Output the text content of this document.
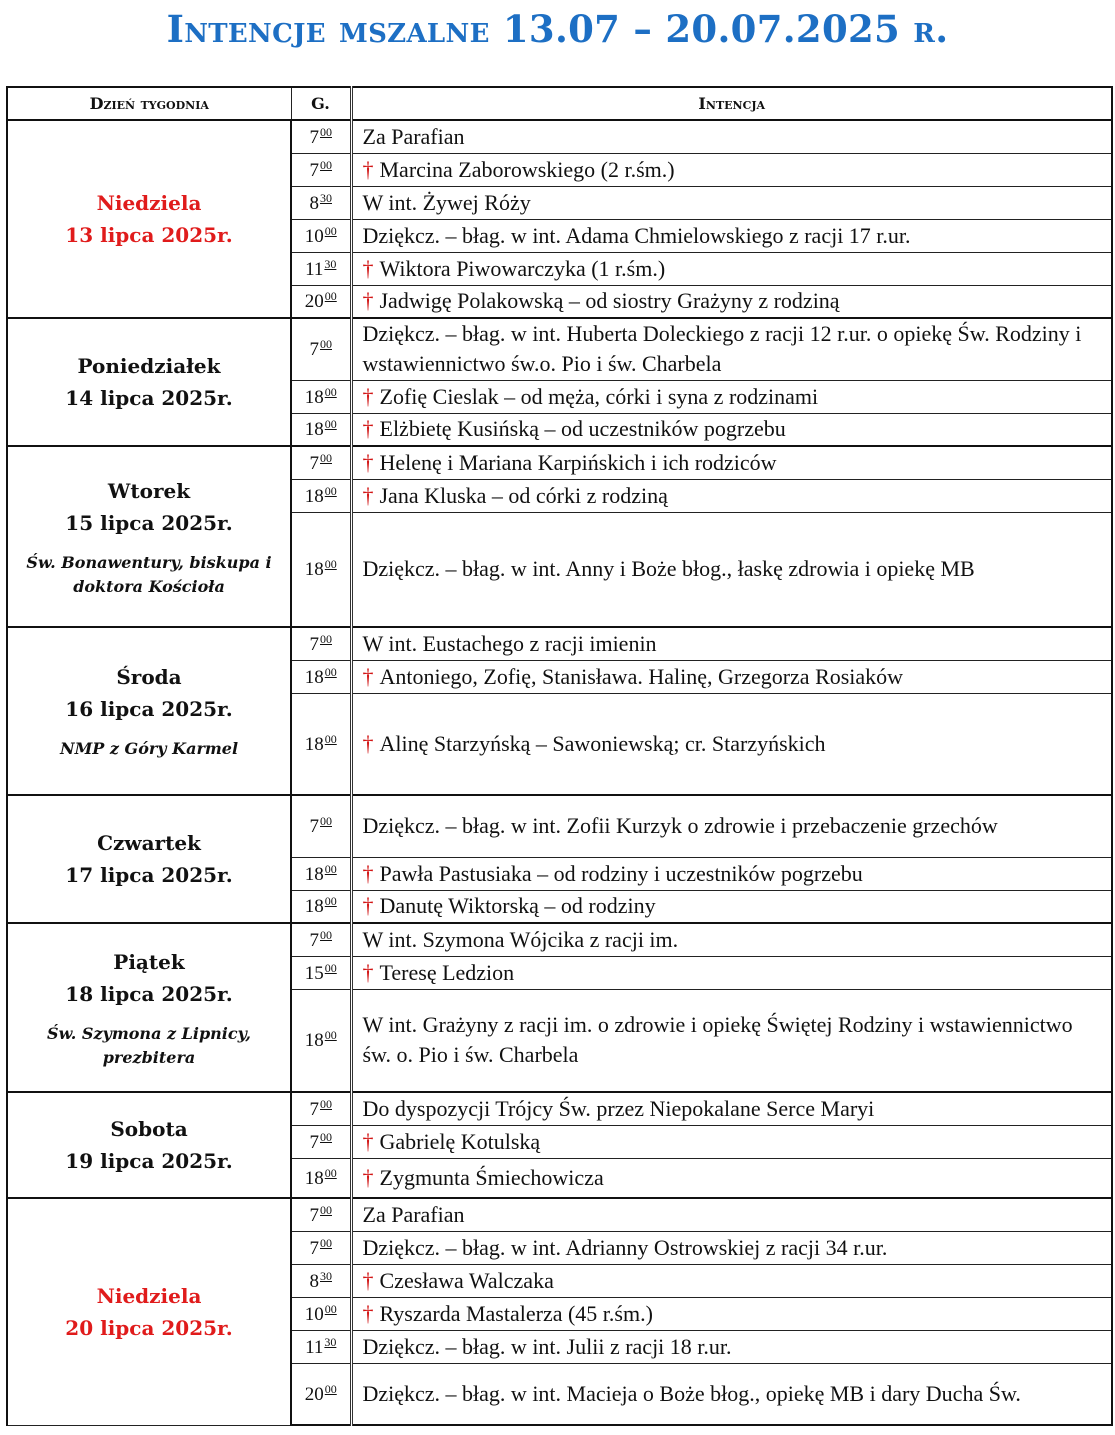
Intencje mszalne 13.07 – 20.07.2025 r.
Dzień tygodnia	G.	Intencja

Niedziela
13 lipca 2025r.	$7^{00}$	Za Parafian
	$7^{00}$	† Marcina Zaborowskiego (2 r.śm.)
	$8^{30}$	W int. Żywej Róży
	$10^{00}$	Dziękcz. – błag. w int. Adama Chmielowskiego z racji 17 r.ur.
	$11^{30}$	† Wiktora Piwowarczyka (1 r.śm.)
	$20^{00}$	† Jadwigę Polakowską – od siostry Grażyny z rodziną

Poniedziałek
14 lipca 2025r.	$7^{00}$	Dziękcz. – błag. w int. Huberta Doleckiego z racji 12 r.ur. o opiekę Św. Rodziny i wstawiennictwo św.o. Pio i św. Charbela
	$18^{00}$	† Zofię Cieslak – od męża, córki i syna z rodzinami
	$18^{00}$	† Elżbietę Kusińską – od uczestników pogrzebu

Wtorek
15 lipca 2025r.
Św. Bonawentury, biskupa i doktora Kościoła	$7^{00}$	† Helenę i Mariana Karpińskich i ich rodziców
	$18^{00}$	† Jana Kluska – od córki z rodziną
	$18^{00}$	Dziękcz. – błag. w int. Anny i Boże błog., łaskę zdrowia i opiekę MB

Środa
16 lipca 2025r.
NMP z Góry Karmel	$7^{00}$	W int. Eustachego z racji imienin
	$18^{00}$	† Antoniego, Zofię, Stanisława. Halinę, Grzegorza Rosiaków
	$18^{00}$	† Alinę Starzyńską – Sawoniewską; cr. Starzyńskich

Czwartek
17 lipca 2025r.	$7^{00}$	Dziękcz. – błag. w int. Zofii Kurzyk o zdrowie i przebaczenie grzechów
	$18^{00}$	† Pawła Pastusiaka – od rodziny i uczestników pogrzebu
	$18^{00}$	† Danutę Wiktorską – od rodziny

Piątek
18 lipca 2025r.
Św. Szymona z Lipnicy, prezbitera	$7^{00}$	W int. Szymona Wójcika z racji im.
	$15^{00}$	† Teresę Ledzion
	$18^{00}$	W int. Grażyny z racji im. o zdrowie i opiekę Świętej Rodziny i wstawiennictwo św. o. Pio i św. Charbela

Sobota
19 lipca 2025r.	$7^{00}$	Do dyspozycji Trójcy Św. przez Niepokalane Serce Maryi
	$7^{00}$	† Gabrielę Kotulską
	$18^{00}$	† Zygmunta Śmiechowicza

Niedziela
20 lipca 2025r.	$7^{00}$	Za Parafian
	$7^{00}$	Dziękcz. – błag. w int. Adrianny Ostrowskiej z racji 34 r.ur.
	$8^{30}$	† Czesława Walczaka
	$10^{00}$	† Ryszarda Mastalerza (45 r.śm.)
	$11^{30}$	Dziękcz. – błag. w int. Julii z racji 18 r.ur.
	$20^{00}$	Dziękcz. – błag. w int. Macieja o Boże błog., opiekę MB i dary Ducha Św.
